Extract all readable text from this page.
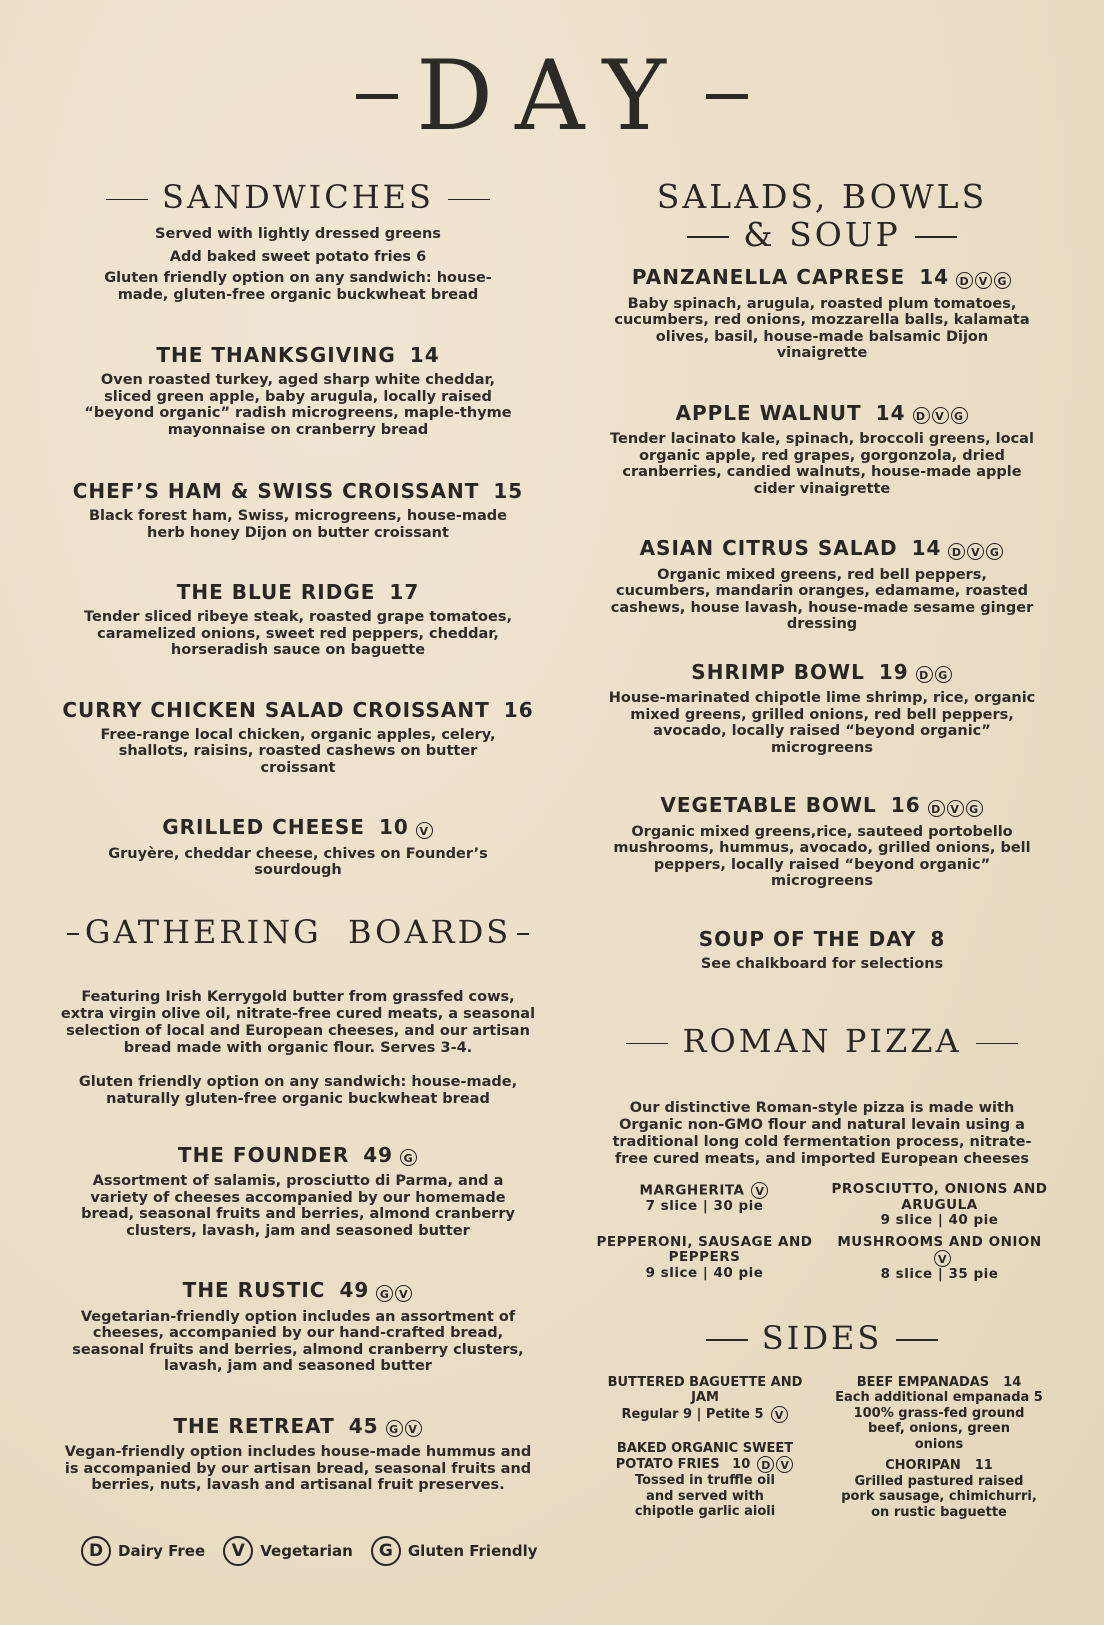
DAY
SANDWICHES
Served with lightly dressed greens
Add baked sweet potato fries 6
Gluten friendly option on any sandwich: house-made, gluten-free organic buckwheat bread
THE THANKSGIVING 14
Oven roasted turkey, aged sharp white cheddar, sliced green apple, baby arugula, locally raised “beyond organic” radish microgreens, maple-thyme mayonnaise on cranberry bread
CHEF’S HAM & SWISS CROISSANT 15
Black forest ham, Swiss, microgreens, house-made herb honey Dijon on butter croissant
THE BLUE RIDGE 17
Tender sliced ribeye steak, roasted grape tomatoes, caramelized onions, sweet red peppers, cheddar, horseradish sauce on baguette
CURRY CHICKEN SALAD CROISSANT 16
Free-range local chicken, organic apples, celery, shallots, raisins, roasted cashews on butter croissant
GRILLED CHEESE 10 V
Gruyère, cheddar cheese, chives on Founder’s sourdough
GATHERING  BOARDS
Featuring Irish Kerrygold butter from grassfed cows, extra virgin olive oil, nitrate-free cured meats, a seasonal selection of local and European cheeses, and our artisan bread made with organic flour. Serves 3-4.
Gluten friendly option on any sandwich: house-made, naturally gluten-free organic buckwheat bread
THE FOUNDER 49 G
Assortment of salamis, prosciutto di Parma, and a variety of cheeses accompanied by our homemade bread, seasonal fruits and berries, almond cranberry clusters, lavash, jam and seasoned butter
THE RUSTIC 49 G V
Vegetarian-friendly option includes an assortment of cheeses, accompanied by our hand-crafted bread, seasonal fruits and berries, almond cranberry clusters, lavash, jam and seasoned butter
THE RETREAT 45 G V
Vegan-friendly option includes house-made hummus and is accompanied by our artisan bread, seasonal fruits and berries, nuts, lavash and artisanal fruit preserves.
SALADS, BOWLS
& SOUP
PANZANELLA CAPRESE 14 D V G
Baby spinach, arugula, roasted plum tomatoes, cucumbers, red onions, mozzarella balls, kalamata olives, basil, house-made balsamic Dijon vinaigrette
APPLE WALNUT 14 D V G
Tender lacinato kale, spinach, broccoli greens, local organic apple, red grapes, gorgonzola, dried cranberries, candied walnuts, house-made apple cider vinaigrette
ASIAN CITRUS SALAD 14 D V G
Organic mixed greens, red bell peppers, cucumbers, mandarin oranges, edamame, roasted cashews, house lavash, house-made sesame ginger dressing
SHRIMP BOWL 19 D G
House-marinated chipotle lime shrimp, rice, organic mixed greens, grilled onions, red bell peppers, avocado, locally raised “beyond organic” microgreens
VEGETABLE BOWL 16 D V G
Organic mixed greens,rice, sauteed portobello mushrooms, hummus, avocado, grilled onions, bell peppers, locally raised “beyond organic” microgreens
SOUP OF THE DAY 8
See chalkboard for selections
ROMAN PIZZA
Our distinctive Roman-style pizza is made with Organic non-GMO flour and natural levain using a traditional long cold fermentation process, nitrate-free cured meats, and imported European cheeses
MARGHERITA V
7 slice | 30 pie
PROSCIUTTO, ONIONS AND ARUGULA
9 slice | 40 pie
PEPPERONI, SAUSAGE AND PEPPERS
9 slice | 40 pie
MUSHROOMS AND ONIONV
8 slice | 35 pie
SIDES
BUTTERED BAGUETTE AND JAM
Regular 9 | Petite 5 V
BAKED ORGANIC SWEET POTATO FRIES 10 D V
Tossed in truffle oil and served with chipotle garlic aioli
BEEF EMPANADAS 14
Each additional empanada 5
100% grass-fed ground beef, onions, green onions
CHORIPAN 11
Grilled pastured raised pork sausage, chimichurri, on rustic baguette
D Dairy Free
	V	Vegetarian
	G	Gluten Friendly
